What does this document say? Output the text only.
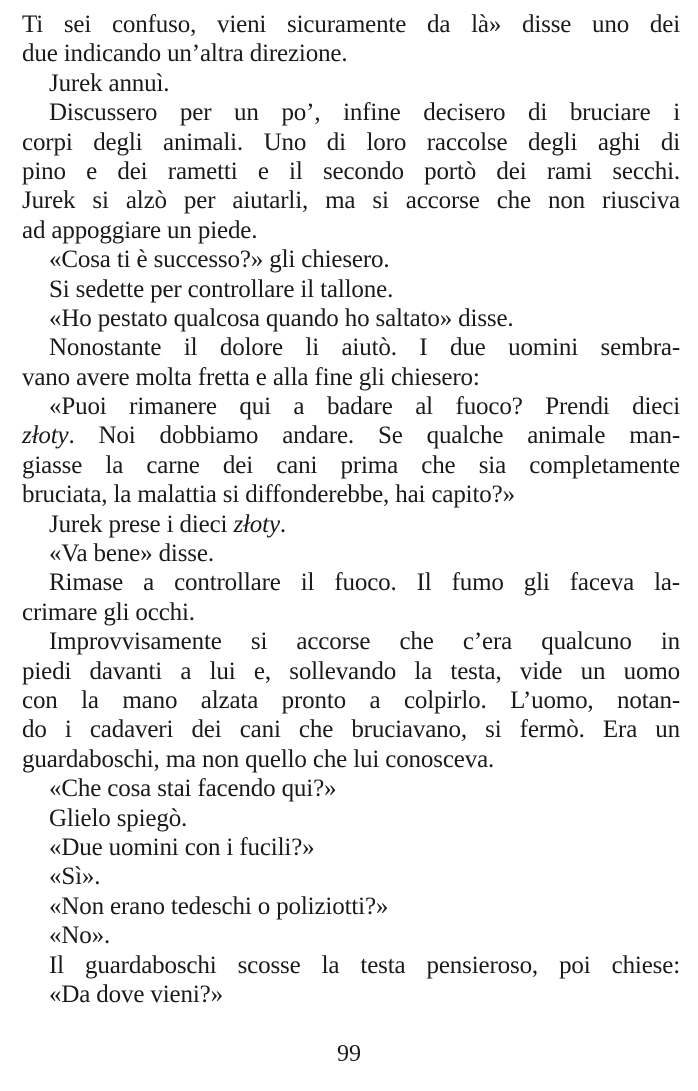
Ti sei confuso, vieni sicuramente da là» disse uno dei
due indicando un’altra direzione.
Jurek annuì.
Discussero per un po’, infine decisero di bruciare i
corpi degli animali. Uno di loro raccolse degli aghi di
pino e dei rametti e il secondo portò dei rami secchi.
Jurek si alzò per aiutarli, ma si accorse che non riusciva
ad appoggiare un piede.
«Cosa ti è successo?» gli chiesero.
Si sedette per controllare il tallone.
«Ho pestato qualcosa quando ho saltato» disse.
Nonostante il dolore li aiutò. I due uomini sembra-
vano avere molta fretta e alla fine gli chiesero:
«Puoi rimanere qui a badare al fuoco? Prendi dieci
złoty. Noi dobbiamo andare. Se qualche animale man-
giasse la carne dei cani prima che sia completamente
bruciata, la malattia si diffonderebbe, hai capito?»
Jurek prese i dieci złoty.
«Va bene» disse.
Rimase a controllare il fuoco. Il fumo gli faceva la-
crimare gli occhi.
Improvvisamente si accorse che c’era qualcuno in
piedi davanti a lui e, sollevando la testa, vide un uomo
con la mano alzata pronto a colpirlo. L’uomo, notan-
do i cadaveri dei cani che bruciavano, si fermò. Era un
guardaboschi, ma non quello che lui conosceva.
«Che cosa stai facendo qui?»
Glielo spiegò.
«Due uomini con i fucili?»
«Sì».
«Non erano tedeschi o poliziotti?»
«No».
Il guardaboschi scosse la testa pensieroso, poi chiese:
«Da dove vieni?»
99
